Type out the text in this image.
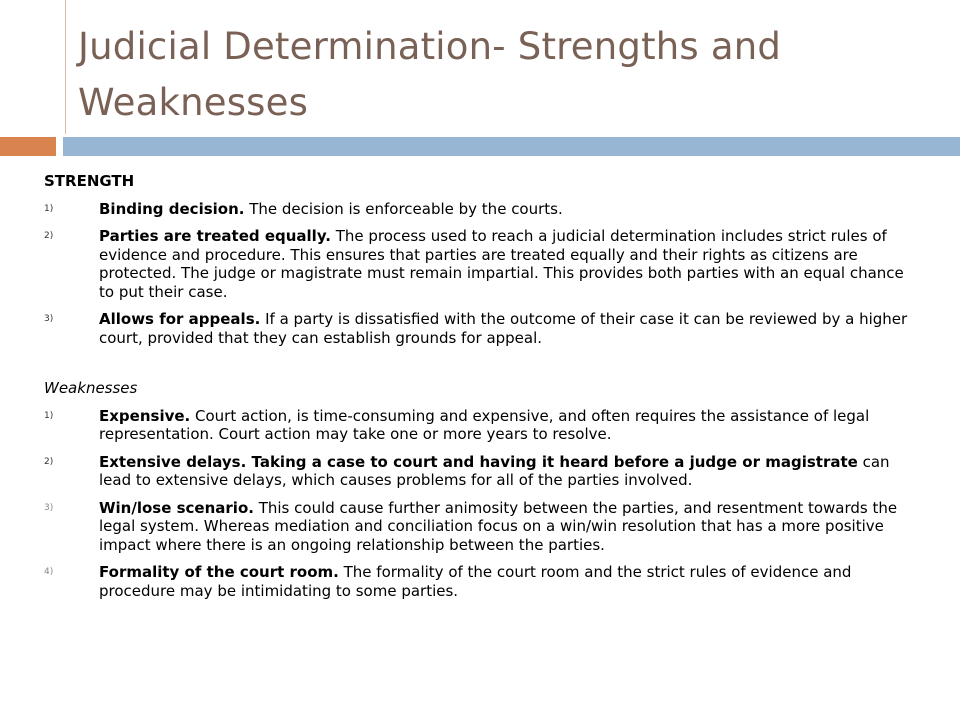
Judicial Determination- Strengths and Weaknesses

STRENGTH

1)	Binding decision. The decision is enforceable by the courts.
2)	Parties are treated equally. The process used to reach a judicial determination includes strict rules of evidence and procedure. This ensures that parties are treated equally and their rights as citizens are protected. The judge or magistrate must remain impartial. This provides both parties with an equal chance to put their case.
3)	Allows for appeals. If a party is dissatisfied with the outcome of their case it can be reviewed by a higher court, provided that they can establish grounds for appeal.

Weaknesses

1)	Expensive. Court action, is time-consuming and expensive, and often requires the assistance of legal representation. Court action may take one or more years to resolve.
2)	Extensive delays. Taking a case to court and having it heard before a judge or magistrate can lead to extensive delays, which causes problems for all of the parties involved.
3)	Win/lose scenario. This could cause further animosity between the parties, and resentment towards the legal system. Whereas mediation and conciliation focus on a win/win resolution that has a more positive impact where there is an ongoing relationship between the parties.
4)	Formality of the court room. The formality of the court room and the strict rules of evidence and procedure may be intimidating to some parties.
